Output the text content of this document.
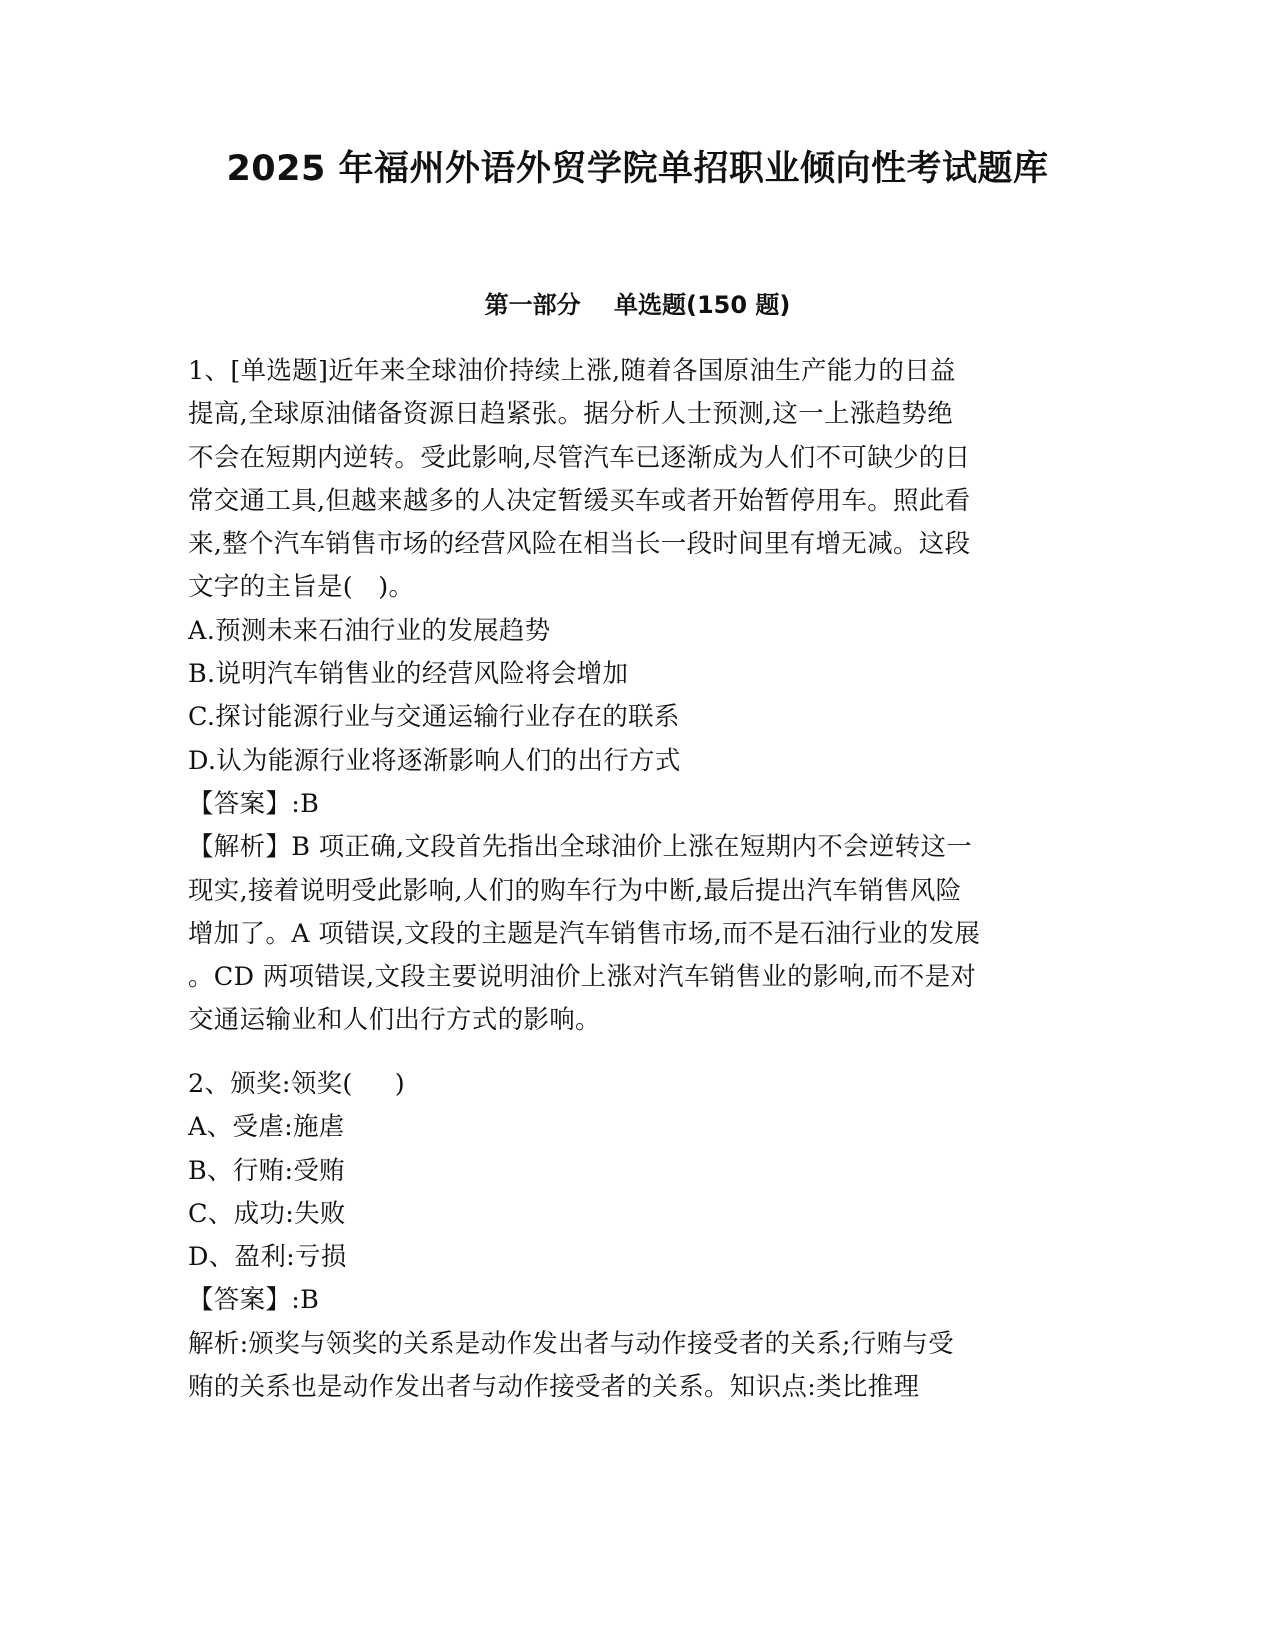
2025 年福州外语外贸学院单招职业倾向性考试题库
第一部分    单选题(150 题)

1、[单选题]近年来全球油价持续上涨,随着各国原油生产能力的日益

提高,全球原油储备资源日趋紧张。据分析人士预测,这一上涨趋势绝

不会在短期内逆转。受此影响,尽管汽车已逐渐成为人们不可缺少的日

常交通工具,但越来越多的人决定暂缓买车或者开始暂停用车。照此看

来,整个汽车销售市场的经营风险在相当长一段时间里有增无减。这段

文字的主旨是(   )。

A.预测未来石油行业的发展趋势

B.说明汽车销售业的经营风险将会增加

C.探讨能源行业与交通运输行业存在的联系

D.认为能源行业将逐渐影响人们的出行方式

【答案】:B

【解析】B 项正确,文段首先指出全球油价上涨在短期内不会逆转这一

现实,接着说明受此影响,人们的购车行为中断,最后提出汽车销售风险

增加了。A 项错误,文段的主题是汽车销售市场,而不是石油行业的发展

。CD 两项错误,文段主要说明油价上涨对汽车销售业的影响,而不是对

交通运输业和人们出行方式的影响。

2、颁奖:领奖(     )

A、受虐:施虐

B、行贿:受贿

C、成功:失败

D、盈利:亏损

【答案】:B

解析:颁奖与领奖的关系是动作发出者与动作接受者的关系;行贿与受

贿的关系也是动作发出者与动作接受者的关系。知识点:类比推理
